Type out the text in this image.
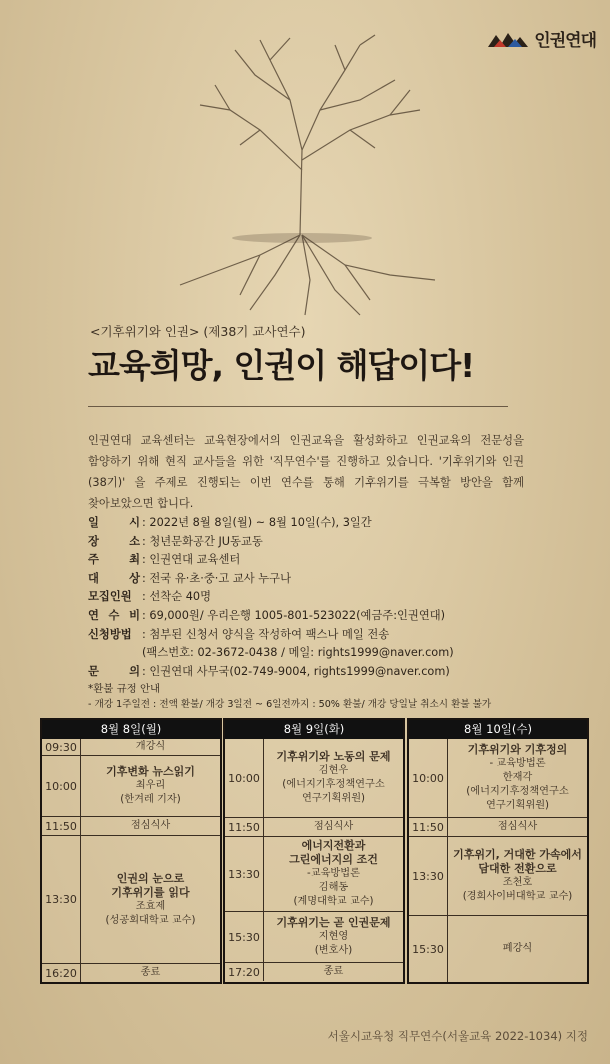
인권연대
<기후위기와 인권> (제38기 교사연수)
교육희망, 인권이 해답이다!
인권연대 교육센터는 교육현장에서의 인권교육을 활성화하고 인권교육의 전문성을 함양하기 위해 현직 교사들을 위한 '직무연수'를 진행하고 있습니다. '기후위기와 인권(38기)' 을 주제로 진행되는 이번 연수를 통해 기후위기를 극복할 방안을 함께 찾아보았으면 합니다.
일 시 : 2022년 8월 8일(월) ~ 8월 10일(수), 3일간
장 소 : 청년문화공간 JU동교동
주 최 : 인권연대 교육센터
대 상 : 전국 유·초·중·고 교사 누구나
모집인원 : 선착순 40명
연 수 비 : 69,000원/ 우리은행 1005-801-523022(예금주:인권연대)
신청방법 : 첨부된 신청서 양식을 작성하여 팩스나 메일 전송
(팩스번호: 02-3672-0438 / 메일: rights1999@naver.com)
문 의 : 인권연대 사무국(02-749-9004, rights1999@naver.com)
*환불 규정 안내
- 개강 1주일전 : 전액 환불/ 개강 3일전 ~ 6일전까지 : 50% 환불/ 개강 당일날 취소시 환불 불가
8월 8일(월)
09:30	개강식
10:00
기후변화 뉴스읽기
최우리
(한겨레 기자)
11:50	점심식사
13:30
인권의 눈으로
기후위기를 읽다
조효제
(성공회대학교 교수)
16:20	종료
8월 9일(화)
10:00
기후위기와 노동의 문제
김현우
(에너지기후정책연구소
연구기획위원)
11:50	점심식사
13:30
에너지전환과
그린에너지의 조건
-교육방법론
김해동
(계명대학교 교수)
15:30
기후위기는 곧 인권문제
지현영
(변호사)
17:20	종료
8월 10일(수)
10:00
기후위기와 기후정의
- 교육방법론
한재각
(에너지기후정책연구소
연구기획위원)
11:50	점심식사
13:30
기후위기, 거대한 가속에서
담대한 전환으로
조천호
(경희사이버대학교 교수)
15:30	폐강식
서울시교육청 직무연수(서울교육 2022-1034) 지정
